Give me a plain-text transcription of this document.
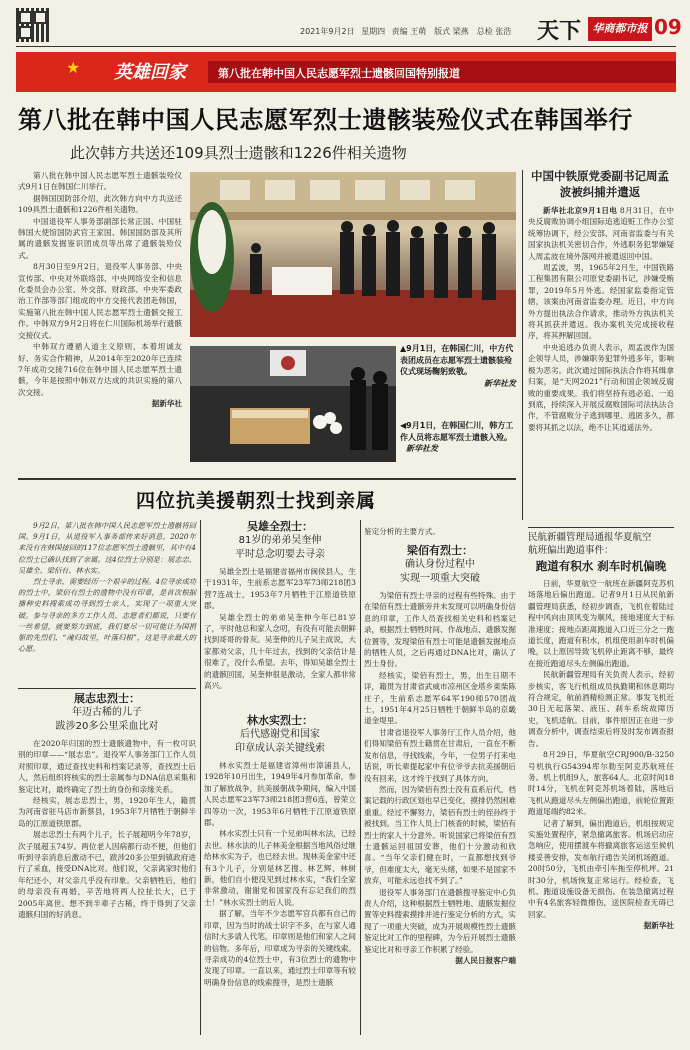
2021年9月2日 星期四 责编 王萌　版式 梁燕　总检 张浩	天下	华商都市报 09
★ 英雄回家	第八批在韩中国人民志愿军烈士遗骸回国特别报道
第八批在韩中国人民志愿军烈士遗骸装殓仪式在韩国举行
此次韩方共送还109具烈士遗骸和1226件相关遗物

第八批在韩中国人民志愿军烈士遗骸装殓仪式9月1日在韩国仁川举行。

据韩国国防部介绍，此次韩方向中方共送还109具烈士遗骸和1226件相关遗物。

中国退役军人事务部副部长常正国、中国驻韩国大使馆国防武官王家国、韩国国防部及其所属的遗骸发掘鉴识团成员等出席了遗骸装殓仪式。

8月30日至9月2日，退役军人事务部、中央宣传部、中央对外联络部、中央网络安全和信息化委员会办公室、外交部、财政部、中央军委政治工作部等部门组成的中方交接代表团赴韩国，实施第八批在韩中国人民志愿军烈士遗骸交接工作。中韩双方9月2日将在仁川国际机场举行遗骸交接仪式。

中韩双方遵循人道主义原则，本着坦诚友好、务实合作精神，从2014年至2020年已连续7年成功交接716位在韩中国人民志愿军烈士遗骸，今年是按照中韩双方达成的共识实施的第八次交接。

据新华社

▲9月1日，在韩国仁川，中方代表团成员在志愿军烈士遗骸装殓仪式现场鞠躬致敬。
新华社发
◀9月1日，在韩国仁川，韩方工作人员将志愿军烈士遗骸入殓。 新华社发
中国中铁原党委副书记周孟波被纠捕并遣返

新华社北京9月1日电 8月31日，在中央反腐败协调小组国际追逃追赃工作办公室统筹协调下，经公安部、河南省监委与有关国家执法机关密切合作，外逃职务犯罪嫌疑人周孟波在境外落网并被遣返回中国。

周孟波，男，1965年2月生，中国铁路工程集团有限公司原党委副书记，涉嫌受贿罪，2019年5月外逃。经国家监委指定管辖，该案由河南省监委办理。近日，中方向外方提出执法合作请求，推动外方执法机关将其抓获并遣返。我办案机关完成接收程序，将其押解回国。

中央追逃办负责人表示，周孟波作为国企领导人员，涉嫌职务犯罪外逃多年，影响极为恶劣。此次通过国际执法合作将其缉拿归案，是“天网2021”行动和国企领域反腐败的重要成果。我们将坚持有逃必追、一追到底，持续深入开展反腐败国际司法执法合作，不管腐败分子逃到哪里、逃匿多久，都要将其抓之以法，绝不让其逍遥法外。

民航新疆管理局通报华夏航空
航班偏出跑道事件：
跑道有积水 刹车时机偏晚

日前，华夏航空一航班在新疆阿克苏机场落地后偏出跑道。记者9月1日从民航新疆管理局获悉，经初步调查，飞机在着陆过程中风向由顶风变为顺风，接地速度大于标准速度；接地点距离跑道入口近三分之一跑道长度，跑道有积水，机组使用刹车时机偏晚，以上原因导致飞机停止距离不够，最终在接近跑道尽头左侧偏出跑道。

民航新疆管理局有关负责人表示，经初步核实，客飞行机组成员执勤期和休息期均符合规定，航前酒精检测正常。事发飞机近30日无起落架、液压、刹车系统故障历史，飞机适航。目前，事件原因正在进一步调查分析中，调查结束后将及时发布调查报告。

8月29日，华夏航空CRJ900/B-3250号机执行G54394库尔勒至阿克苏航班任务。机上机组9人，旅客64人。北京时间18时14分，飞机在阿克苏机场着陆，落地后飞机从跑道尽头左侧偏出跑道，前轮位置距跑道尾端约82米。

记者了解到，偏出跑道后，机组按规定实施处置程序，紧急撤离旅客。机场启动应急响应，使用摆渡车将撤离旅客运送至候机楼妥善安排，发布航行通告关闭机场跑道。20时50分，飞机由牵引车拖至停机坪。21时30分，机场恢复正常运行。经检查，飞机、跑道设施设备无损伤。在装急撤离过程中有4名旅客轻微擦伤，送医院检查无碍已回家。

据新华社

四位抗美援朝烈士找到亲属

9月2日，第八批在韩中国人民志愿军烈士遗骸将回国。9月1日，从退役军人事务部传来好消息，2020年来没有在韩国接回的117位志愿军烈士遗骸里，其中有4位烈士已确认找到了亲属。这4位烈士分别是：展志忠、吴雄全、梁佰有、林水实。

烈士寻亲，需要经历一个艰辛的过程。4位寻亲成功的烈士中，梁佰有烈士的遗物中没有印章，是首次根据播种史料搜索成功寻到烈士亲人，实现了一项重大突破。参与寻亲的多方工作人员、志愿者们都说，只要有一丝希望，就要努力到底，我们要尽一切可能让为国捐躯的先烈们，“魂归故里，叶落归根”，这是寻亲最大的心愿。

展志忠烈士：
年迈古稀的儿子
跋涉20多公里采血比对

在2020年归国的烈士遗骸遗物中，有一枚可识别的印章——“展志忠”。退役军人事务部门工作人员对照印章，通过查找史料和档案记录等，查找烈士后人，然后组织将核实的烈士亲属参与DNA信息采集和鉴定比对，最终确定了烈士的身份和亲缘关系。

经核实，展志忠烈士，男，1920年生人，籍贯为河南省驻马店市新蔡县，1953年7月牺牲于朝鲜半岛的江原道铁原郡。

展志忠烈士有两个儿子，长子展超明今年78岁，次子展超玉74岁。两位老人因病都行动不便，但他们听到寻亲消息后激动不已，跋涉20多公里到镇政府进行了采血，接受DNA比对。他们说，父亲离家时他们年纪还小，对父亲几乎没有印象。父亲牺牲后，他们的母亲没有再婚，辛苦地将两人拉扯长大，已于2005年离世。想不到半辈子古稀，终于得到了父亲遗骸归国的好消息。

吴雄全烈士：
81岁的弟弟吴奎伸
平时总念叨要去寻亲

吴雄全烈士是福建省福州市闽侯县人，生于1931年，生前系志愿军23军73师218团3营7连战士，1953年7月牺牲于江原道铁原郡。

吴雄全烈士的弟弟吴奎伸今年已81岁了，平时他总和家人念叨，有没有可能去朝鲜找到哥哥的骨灰。吴奎伸的儿子吴主成说，大家都劝父亲，几十年过去，找到的父亲估计是很难了，没什么希望。去年，得知吴雄全烈士的遗骸回国，吴奎伸很是激动，全家人都非常高兴。

林水实烈士：
后代感谢党和国家
印章成认亲关键线索

林水实烈士是福建省漳州市漳浦县人，1928年10月出生，1949年4月参加革命，参加了解放战争，抗美援朝战争期间，编入中国人民志愿军23军73师218团3营6连，曾荣立四等功一次，1953年6月牺牲于江原道铁原郡。

林水实烈士只有一个兄弟叫林水法，已经去世。林水法的儿子林美金根据当地风俗过继给林水实为子，也已经去世。现林美金家中还有3个儿子，分别是林艺搜、林艺辉、林树新，他们自小便没见到过林水实，“我们全家非常激动，谢谢党和国家没有忘记我们的烈士！”林水实烈士的后人说。

据了解，当年不少志愿军官兵都有自己的印章，因为当时的战士识字不多，在与家人通信时大多请人代笔，印章则是他们和家人之间的信物。多年后，印章成为寻亲的关键线索。寻亲成功的4位烈士中，有3位烈士的遗物中发现了印章。一直以来，通过烈士印章等有较明确身份信息的线索搜寻，是烈士遗骸

鉴定分析的主要方式。

梁佰有烈士：
确认身份过程中
实现一项重大突破

为梁佰有烈士寻亲的过程有些特殊。由于在梁佰有烈士遗骸旁并未发现可以明确身份信息的印章，工作人员查找相关史料和档案记录，根据烈士牺牲时间、作战地点、遗骸发掘位置等，发现梁佰有烈士可能是遗骸发掘地点的牺牲人员，之后再通过DNA比对，确认了烈士身份。

经核实，梁佰有烈士，男，出生日期不详，籍贯为甘肃省武威市凉州区金塔乡東柴陈庄子，生前系志愿军64军190师570团战士，1951年4月25日牺牲于朝鲜半岛的京畿道金堤里。

甘肃省退役军人事务厅工作人员介绍，他们得知梁佰有烈士籍贯在甘肃后，一直在不断发布信息，寻找线索，今年，一位男子打来电话说，听长辈提起家中有位爷爷去抗美援朝后没有回来，这才终于找到了具体方向。

然而，因为梁佰有烈士没有直系后代，档案记载的行政区划也早已变化，摸排仍然困难重重。经过不懈努力，梁佰有烈士的侄孙终于被找到。当工作人员上门核查的时候，梁佰有烈士的家人十分意外。听说国家已将梁佰有烈士遗骸运回祖国安葬，他们十分激动和欣喜。“当年父亲们健在时，一直都想找到爷爷，但难度太大，毫无头绪，如果不是国家不放弃，可能永远也找不到了。”

退役军人事务部门在遗骸搜寻鉴定中心负责人介绍，这种根据烈士牺牲地、遗骸发掘位置等史料搜索摸排并进行鉴定分析的方式，实现了一项重大突破，成为开展规模性烈士遗骸鉴定比对工作的里程碑，为今后开展烈士遗骸鉴定比对和寻亲工作积累了经验。

据人民日报客户端
